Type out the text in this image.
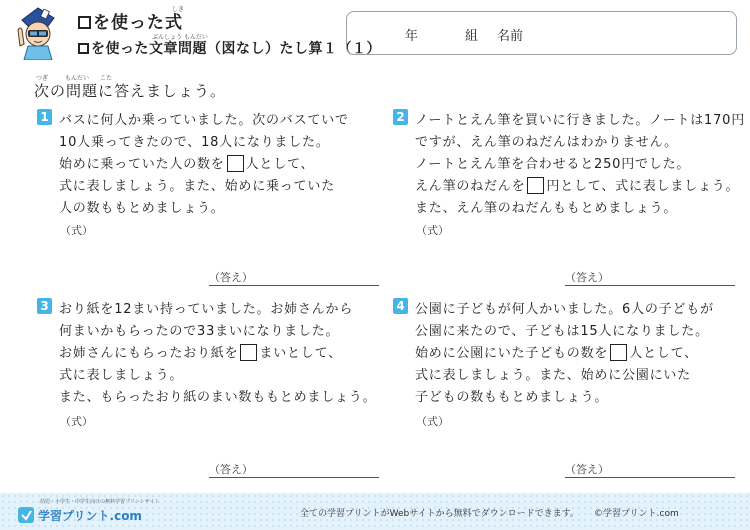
を使った式
しき
を使った文章問題（図なし）たし算１（１）
ぶんしょう もんだい	年	組 名前
つぎ	もんだい こた
次の問題に答えましょう。
1 バスに何人か乗っていました。次のバスていで
10人乗ってきたので、18人になりました。
始めに乗っていた人の数を 人として、
式に表しましょう。また、始めに乗っていた
人の数ももとめましょう。
（式）
（答え）
2 ノートとえん筆を買いに行きました。ノートは170円
ですが、えん筆のねだんはわかりません。
ノートとえん筆を合わせると250円でした。
えん筆のねだんを 円として、式に表しましょう。
また、えん筆のねだんももとめましょう。
（式）
（答え）
3 おり紙を12まい持っていました。お姉さんから
何まいかもらったので33まいになりました。
お姉さんにもらったおり紙を まいとして、
式に表しましょう。
また、もらったおり紙のまい数ももとめましょう。
（式）
（答え）
4 公園に子どもが何人かいました。6人の子どもが
公園に来たので、子どもは15人になりました。
始めに公園にいた子どもの数を 人として、
式に表しましょう。また、始めに公園にいた
子どもの数ももとめましょう。
（式）
（答え）
幼児・小学生・中学生向けの無料学習プリントサイト
学習プリント.com	全ての学習プリントがWebサイトから無料でダウンロードできます。 ©学習プリント.com
